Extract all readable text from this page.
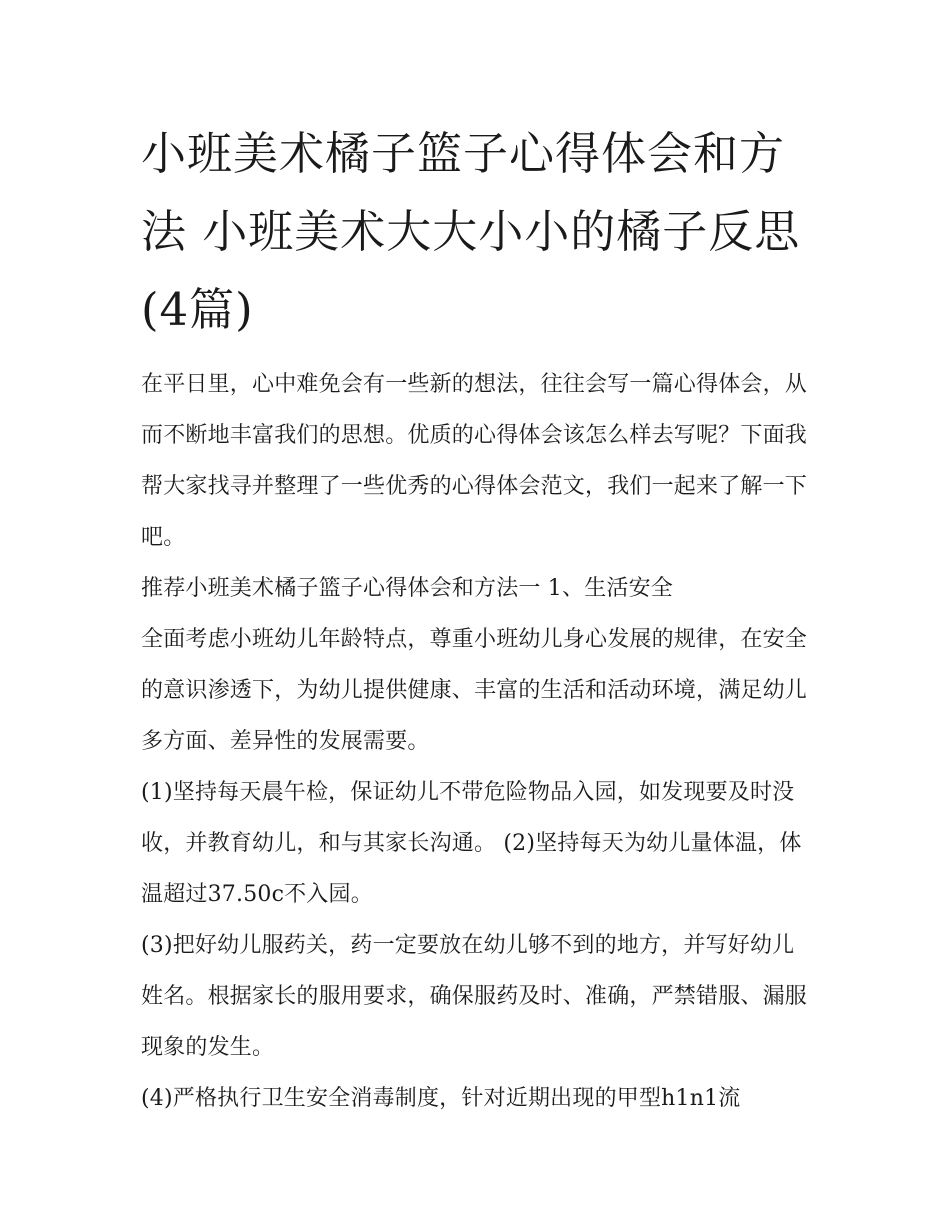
小班美术橘子篮子心得体会和方法 小班美术大大小小的橘子反思(4篇)

在平日里，心中难免会有一些新的想法，往往会写一篇心得体会，从而不断地丰富我们的思想。优质的心得体会该怎么样去写呢？下面我帮大家找寻并整理了一些优秀的心得体会范文，我们一起来了解一下吧。

推荐小班美术橘子篮子心得体会和方法一 1、生活安全

全面考虑小班幼儿年龄特点，尊重小班幼儿身心发展的规律，在安全的意识渗透下，为幼儿提供健康、丰富的生活和活动环境，满足幼儿多方面、差异性的发展需要。

(1)坚持每天晨午检，保证幼儿不带危险物品入园，如发现要及时没收，并教育幼儿，和与其家长沟通。 (2)坚持每天为幼儿量体温，体温超过37.50c不入园。

(3)把好幼儿服药关，药一定要放在幼儿够不到的地方，并写好幼儿姓名。根据家长的服用要求，确保服药及时、准确，严禁错服、漏服现象的发生。

(4)严格执行卫生安全消毒制度，针对近期出现的甲型h1n1流
